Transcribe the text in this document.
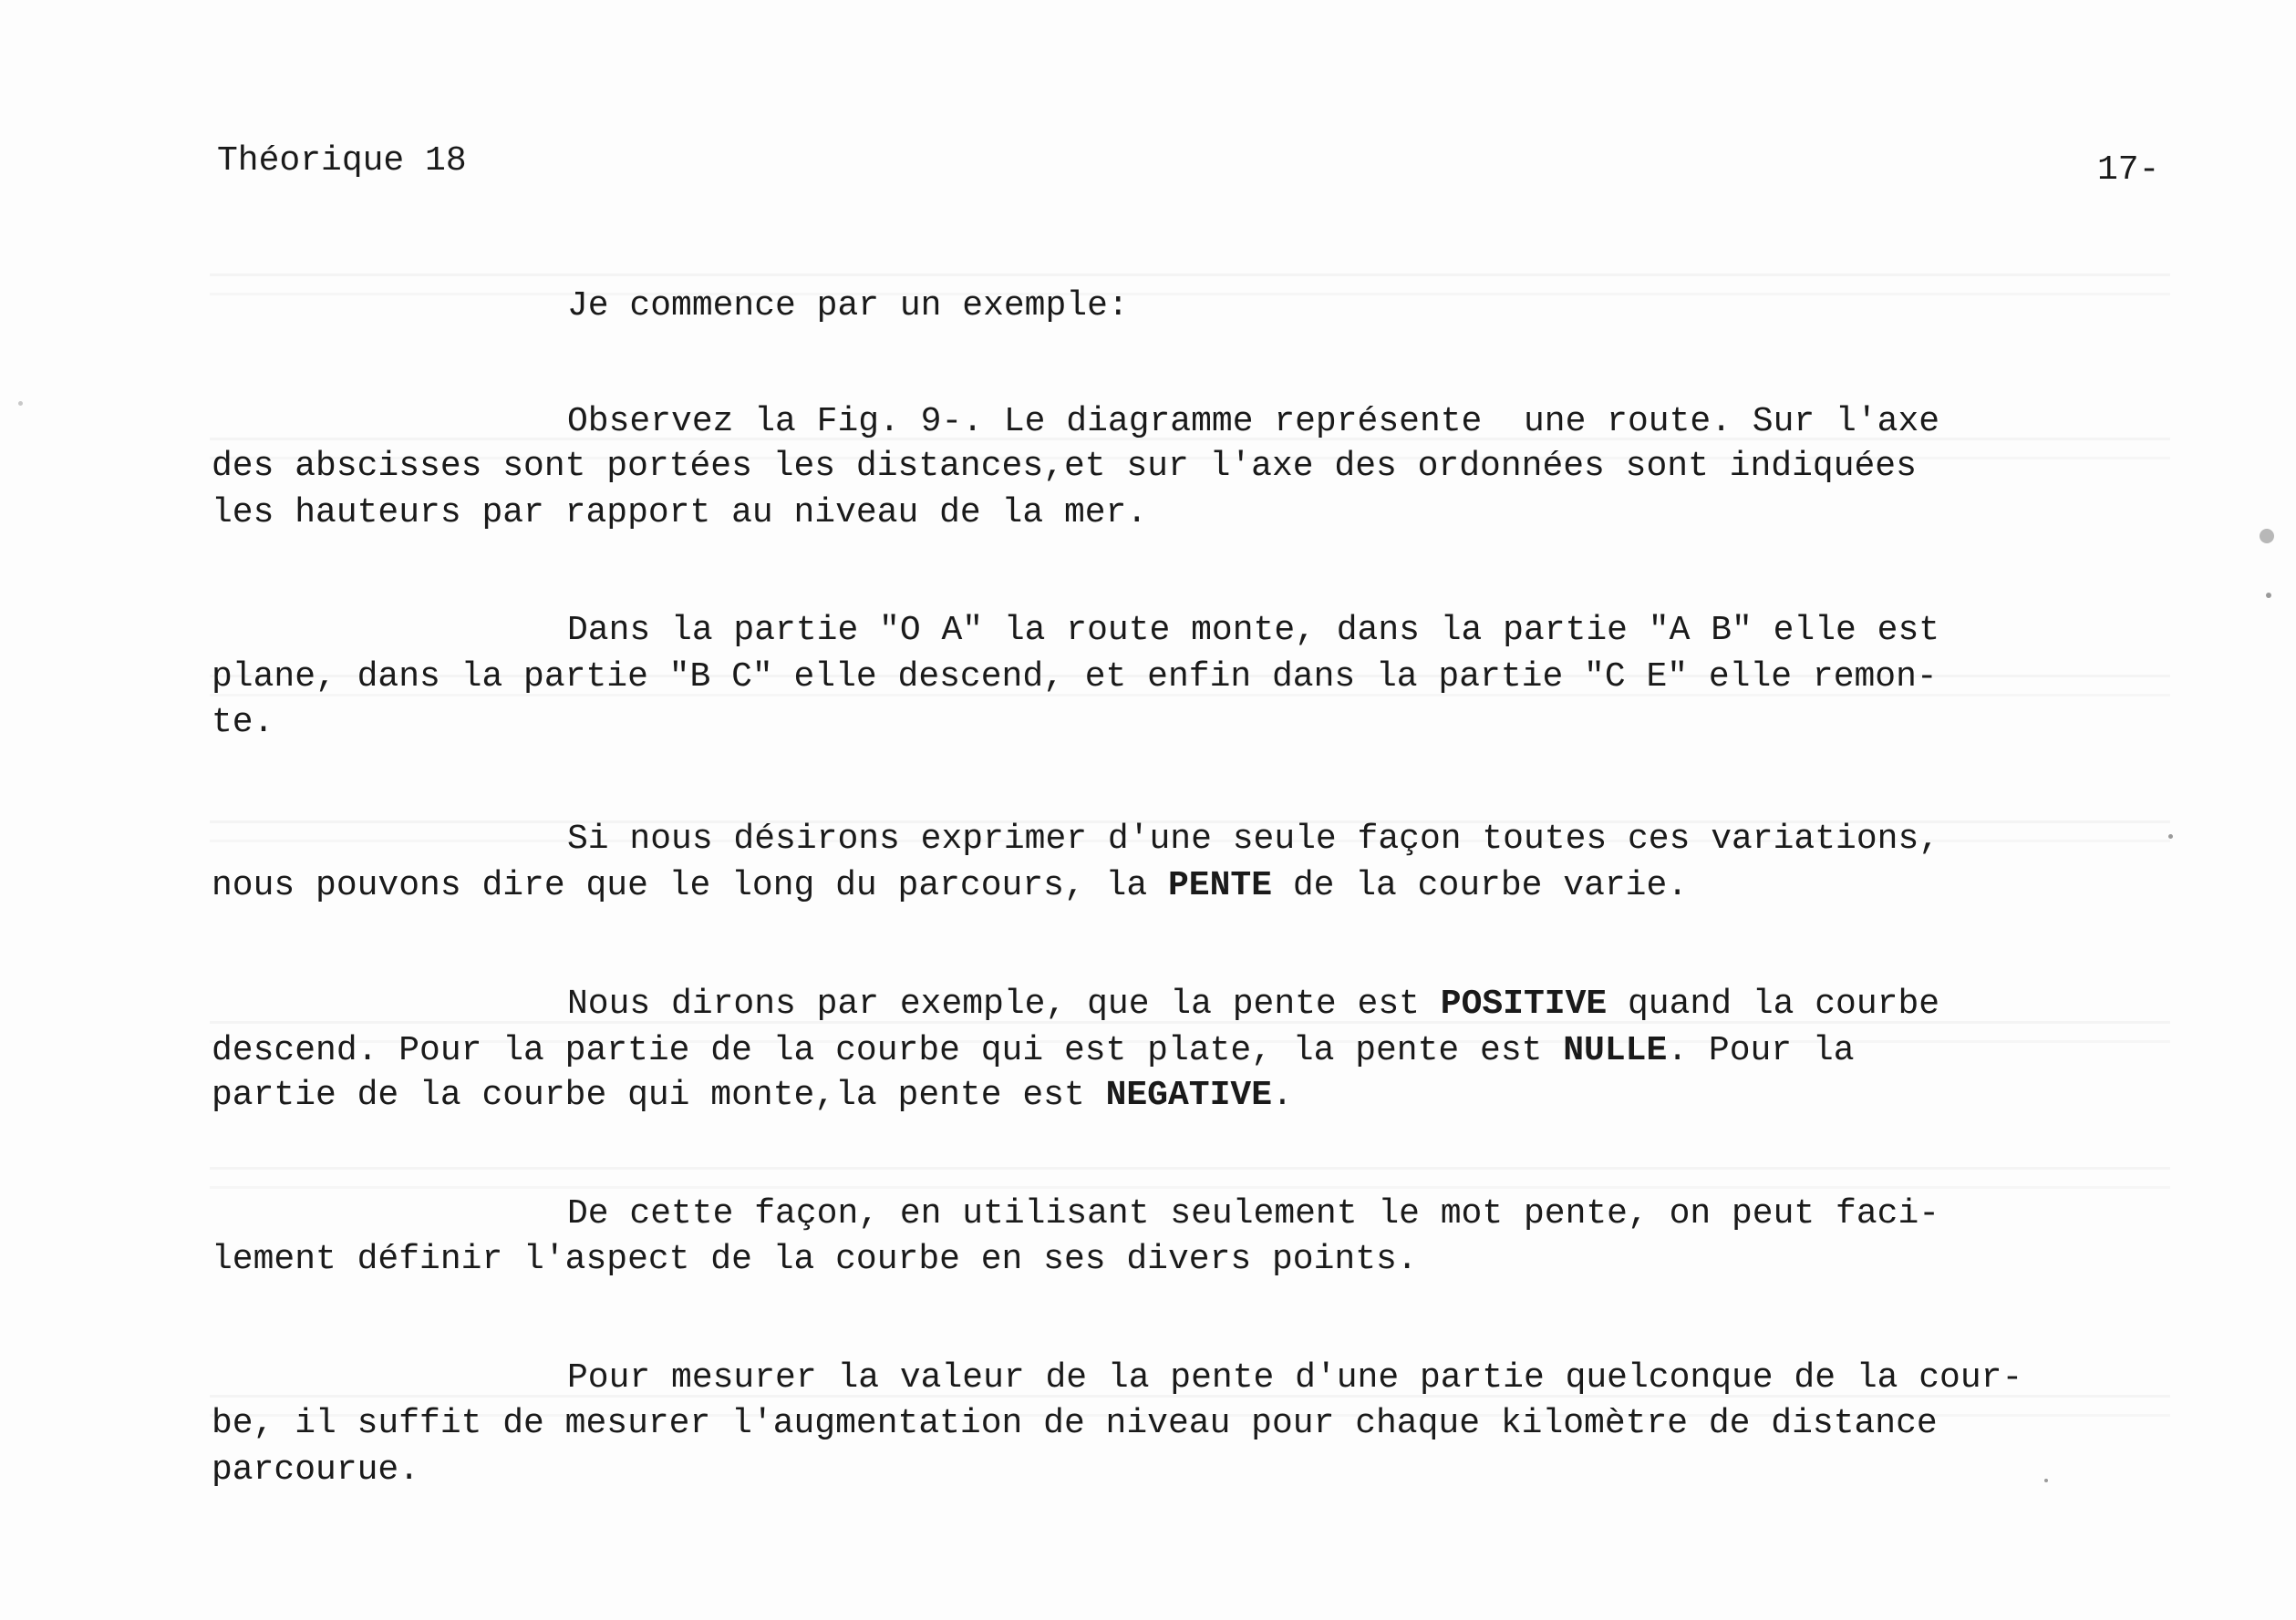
Théorique 18	17-

Je commence par un exemple:

Observez la Fig. 9-. Le diagramme représente  une route. Sur l'axe

des abscisses sont portées les distances,et sur l'axe des ordonnées sont indiquées

les hauteurs par rapport au niveau de la mer.

Dans la partie "O A" la route monte, dans la partie "A B" elle est

plane, dans la partie "B C" elle descend, et enfin dans la partie "C E" elle remon-

te.

Si nous désirons exprimer d'une seule façon toutes ces variations,

nous pouvons dire que le long du parcours, la PENTE de la courbe varie.

Nous dirons par exemple, que la pente est POSITIVE quand la courbe

descend. Pour la partie de la courbe qui est plate, la pente est NULLE. Pour la

partie de la courbe qui monte,la pente est NEGATIVE.

De cette façon, en utilisant seulement le mot pente, on peut faci-

lement définir l'aspect de la courbe en ses divers points.

Pour mesurer la valeur de la pente d'une partie quelconque de la cour-

be, il suffit de mesurer l'augmentation de niveau pour chaque kilomètre de distance

parcourue.
